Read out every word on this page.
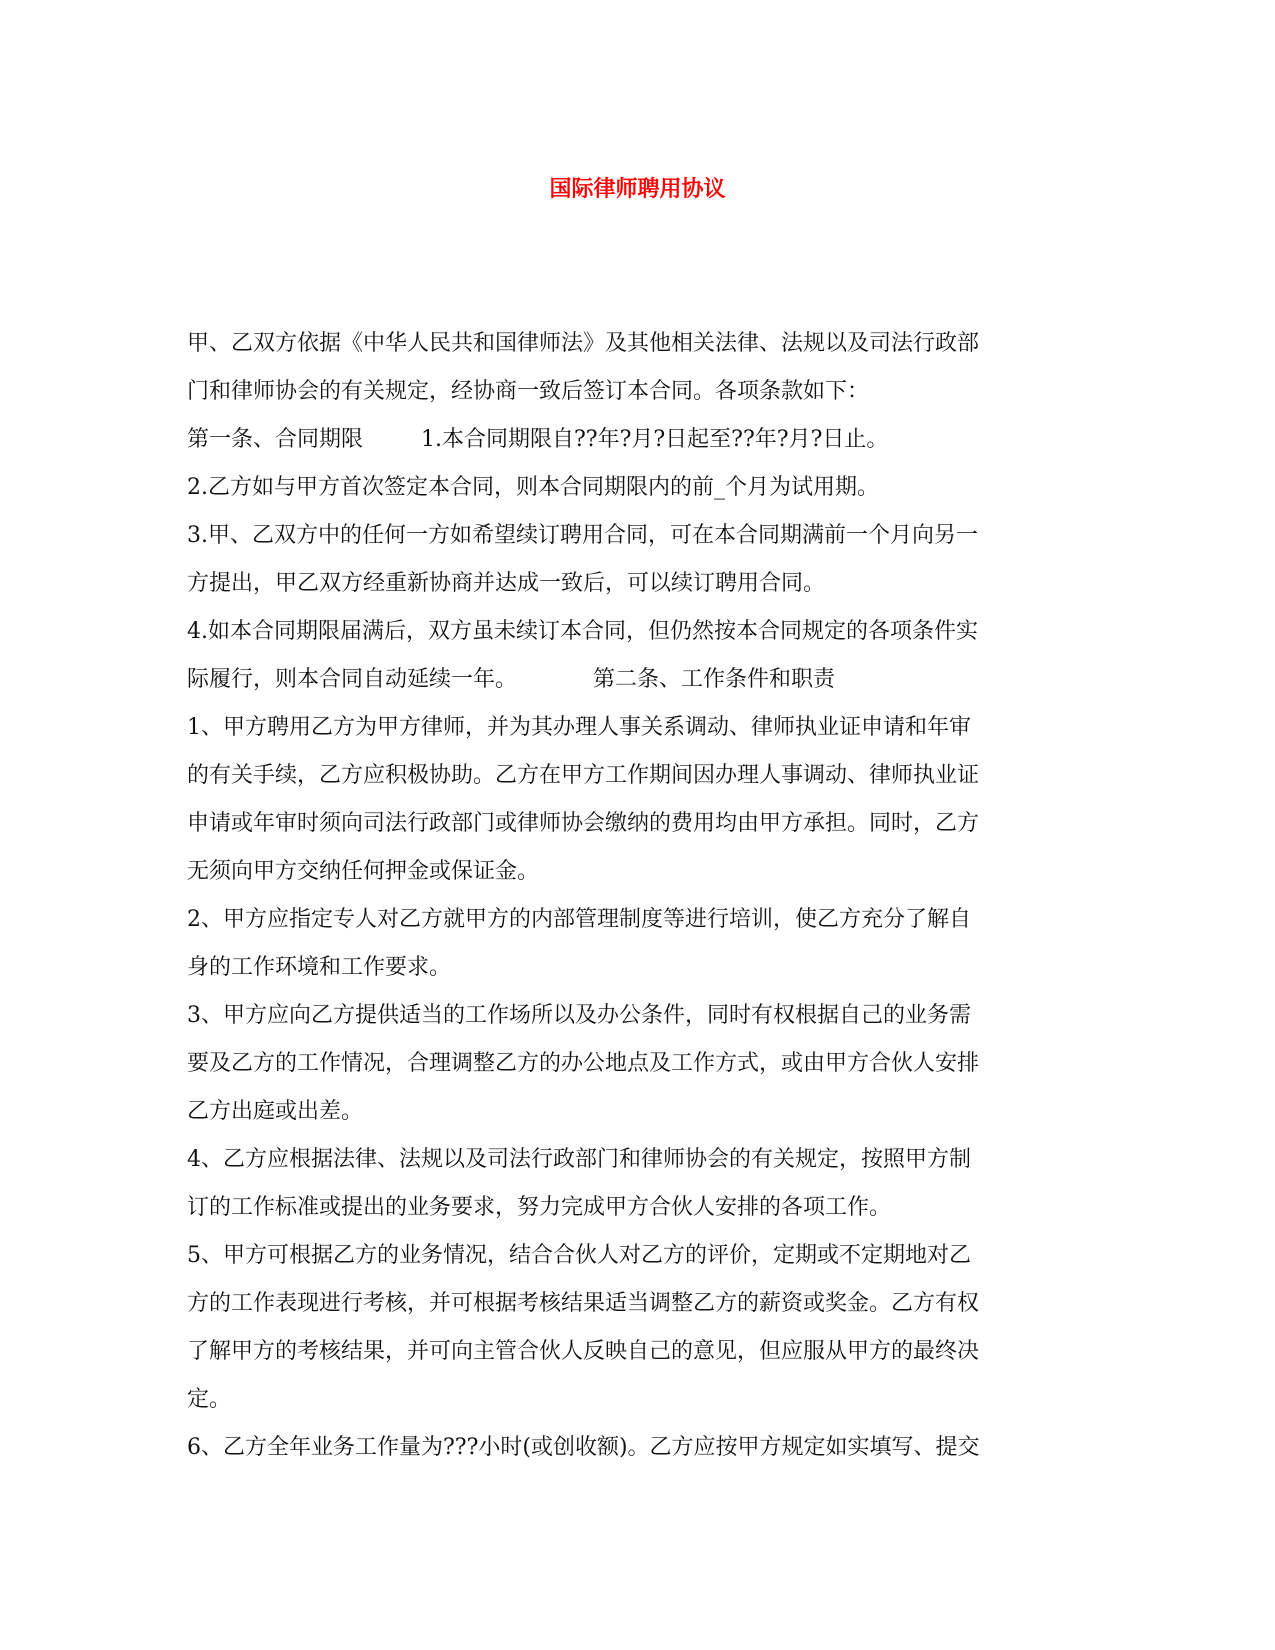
国际律师聘用协议
甲、乙双方依据《中华人民共和国律师法》及其他相关法律、法规以及司法行政部
门和律师协会的有关规定，经协商一致后签订本合同。各项条款如下：
第一条、合同期限	1.本合同期限自??年?月?日起至??年?月?日止。
2.乙方如与甲方首次签定本合同，则本合同期限内的前_个月为试用期。
3.甲、乙双方中的任何一方如希望续订聘用合同，可在本合同期满前一个月向另一
方提出，甲乙双方经重新协商并达成一致后，可以续订聘用合同。
4.如本合同期限届满后，双方虽未续订本合同，但仍然按本合同规定的各项条件实
际履行，则本合同自动延续一年。	第二条、工作条件和职责
1、甲方聘用乙方为甲方律师，并为其办理人事关系调动、律师执业证申请和年审
的有关手续，乙方应积极协助。乙方在甲方工作期间因办理人事调动、律师执业证
申请或年审时须向司法行政部门或律师协会缴纳的费用均由甲方承担。同时，乙方
无须向甲方交纳任何押金或保证金。
2、甲方应指定专人对乙方就甲方的内部管理制度等进行培训，使乙方充分了解自
身的工作环境和工作要求。
3、甲方应向乙方提供适当的工作场所以及办公条件，同时有权根据自己的业务需
要及乙方的工作情况，合理调整乙方的办公地点及工作方式，或由甲方合伙人安排
乙方出庭或出差。
4、乙方应根据法律、法规以及司法行政部门和律师协会的有关规定，按照甲方制
订的工作标准或提出的业务要求，努力完成甲方合伙人安排的各项工作。
5、甲方可根据乙方的业务情况，结合合伙人对乙方的评价，定期或不定期地对乙
方的工作表现进行考核，并可根据考核结果适当调整乙方的薪资或奖金。乙方有权
了解甲方的考核结果，并可向主管合伙人反映自己的意见，但应服从甲方的最终决
定。
6、乙方全年业务工作量为???小时(或创收额)。乙方应按甲方规定如实填写、提交
